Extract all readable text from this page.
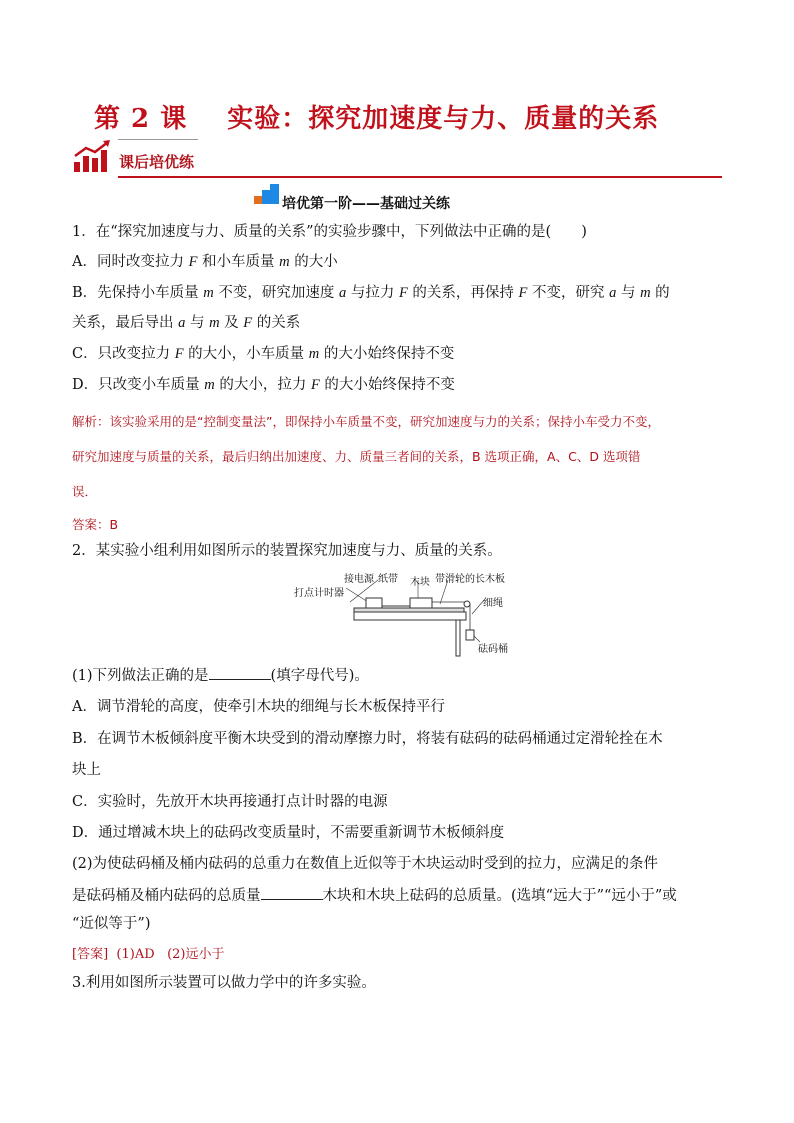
第 2 课 实验：探究加速度与力、质量的关系
课后培优练
培优第一阶——基础过关练
1．在“探究加速度与力、质量的关系”的实验步骤中，下列做法中正确的是( )
A．同时改变拉力 F 和小车质量 m 的大小
B．先保持小车质量 m 不变，研究加速度 a 与拉力 F 的关系，再保持 F 不变，研究 a 与 m 的
关系，最后导出 a 与 m 及 F 的关系
C．只改变拉力 F 的大小，小车质量 m 的大小始终保持不变
D．只改变小车质量 m 的大小，拉力 F 的大小始终保持不变
解析：该实验采用的是“控制变量法”，即保持小车质量不变，研究加速度与力的关系；保持小车受力不变，
研究加速度与质量的关系，最后归纳出加速度、力、质量三者间的关系，B 选项正确，A、C、D 选项错
误．
答案：B
2．某实验小组利用如图所示的装置探究加速度与力、质量的关系。
接电源 纸带 木块 带滑轮的长木板
打点计时器
细绳
砝码桶
(1)下列做法正确的是	(填字母代号)。
A．调节滑轮的高度，使牵引木块的细绳与长木板保持平行
B．在调节木板倾斜度平衡木块受到的滑动摩擦力时，将装有砝码的砝码桶通过定滑轮拴在木
块上
C．实验时，先放开木块再接通打点计时器的电源
D．通过增减木块上的砝码改变质量时，不需要重新调节木板倾斜度
(2)为使砝码桶及桶内砝码的总重力在数值上近似等于木块运动时受到的拉力，应满足的条件
是砝码桶及桶内砝码的总质量	木块和木块上砝码的总质量。(选填“远大于”“远小于”或
“近似等于”)
[答案] (1)AD (2)远小于
3.利用如图所示装置可以做力学中的许多实验。
